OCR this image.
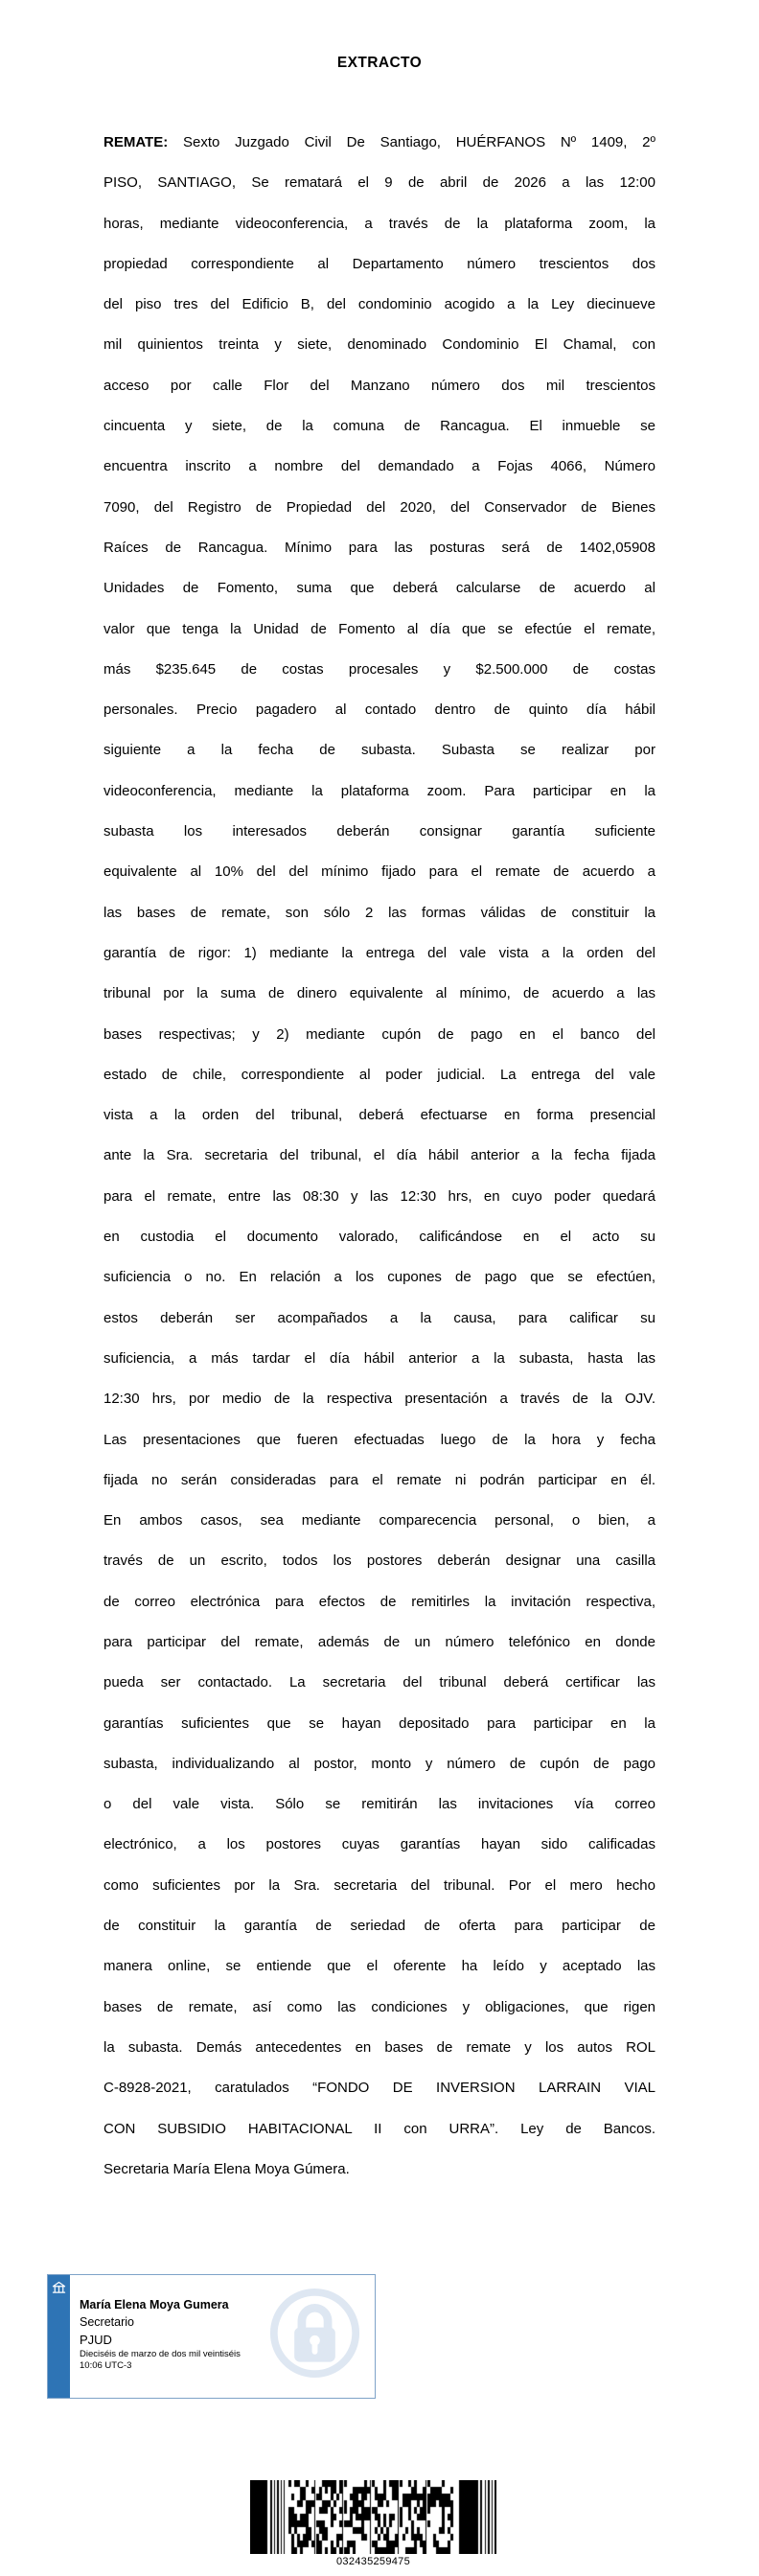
EXTRACTO
REMATE: Sexto Juzgado Civil De Santiago, HUÉRFANOS Nº 1409, 2º
PISO, SANTIAGO, Se rematará el 9 de abril de 2026 a las 12:00
horas, mediante videoconferencia, a través de la plataforma zoom, la
propiedad correspondiente al Departamento número trescientos dos
del piso tres del Edificio B, del condominio acogido a la Ley diecinueve
mil quinientos treinta y siete, denominado Condominio El Chamal, con
acceso por calle Flor del Manzano número dos mil trescientos
cincuenta y siete, de la comuna de Rancagua. El inmueble se
encuentra inscrito a nombre del demandado a Fojas 4066, Número
7090, del Registro de Propiedad del 2020, del Conservador de Bienes
Raíces de Rancagua. Mínimo para las posturas será de 1402,05908
Unidades de Fomento, suma que deberá calcularse de acuerdo al
valor que tenga la Unidad de Fomento al día que se efectúe el remate,
más $235.645 de costas procesales y $2.500.000 de costas
personales. Precio pagadero al contado dentro de quinto día hábil
siguiente a la fecha de subasta. Subasta se realizar por
videoconferencia, mediante la plataforma zoom. Para participar en la
subasta los interesados deberán consignar garantía suficiente
equivalente al 10% del del mínimo fijado para el remate de acuerdo a
las bases de remate, son sólo 2 las formas válidas de constituir la
garantía de rigor: 1) mediante la entrega del vale vista a la orden del
tribunal por la suma de dinero equivalente al mínimo, de acuerdo a las
bases respectivas; y 2) mediante cupón de pago en el banco del
estado de chile, correspondiente al poder judicial. La entrega del vale
vista a la orden del tribunal, deberá efectuarse en forma presencial
ante la Sra. secretaria del tribunal, el día hábil anterior a la fecha fijada
para el remate, entre las 08:30 y las 12:30 hrs, en cuyo poder quedará
en custodia el documento valorado, calificándose en el acto su
suficiencia o no. En relación a los cupones de pago que se efectúen,
estos deberán ser acompañados a la causa, para calificar su
suficiencia, a más tardar el día hábil anterior a la subasta, hasta las
12:30 hrs, por medio de la respectiva presentación a través de la OJV.
Las presentaciones que fueren efectuadas luego de la hora y fecha
fijada no serán consideradas para el remate ni podrán participar en él.
En ambos casos, sea mediante comparecencia personal, o bien, a
través de un escrito, todos los postores deberán designar una casilla
de correo electrónica para efectos de remitirles la invitación respectiva,
para participar del remate, además de un número telefónico en donde
pueda ser contactado. La secretaria del tribunal deberá certificar las
garantías suficientes que se hayan depositado para participar en la
subasta, individualizando al postor, monto y número de cupón de pago
o del vale vista. Sólo se remitirán las invitaciones vía correo
electrónico, a los postores cuyas garantías hayan sido calificadas
como suficientes por la Sra. secretaria del tribunal. Por el mero hecho
de constituir la garantía de seriedad de oferta para participar de
manera online, se entiende que el oferente ha leído y aceptado las
bases de remate, así como las condiciones y obligaciones, que rigen
la subasta. Demás antecedentes en bases de remate y los autos ROL
C-8928-2021, caratulados “FONDO DE INVERSION LARRAIN VIAL
CON SUBSIDIO HABITACIONAL II con URRA”. Ley de Bancos.
Secretaria María Elena Moya Gúmera.
María Elena Moya Gumera
Secretario
PJUD
Dieciséis de marzo de dos mil veintiséis
10:06 UTC-3
032435259475
